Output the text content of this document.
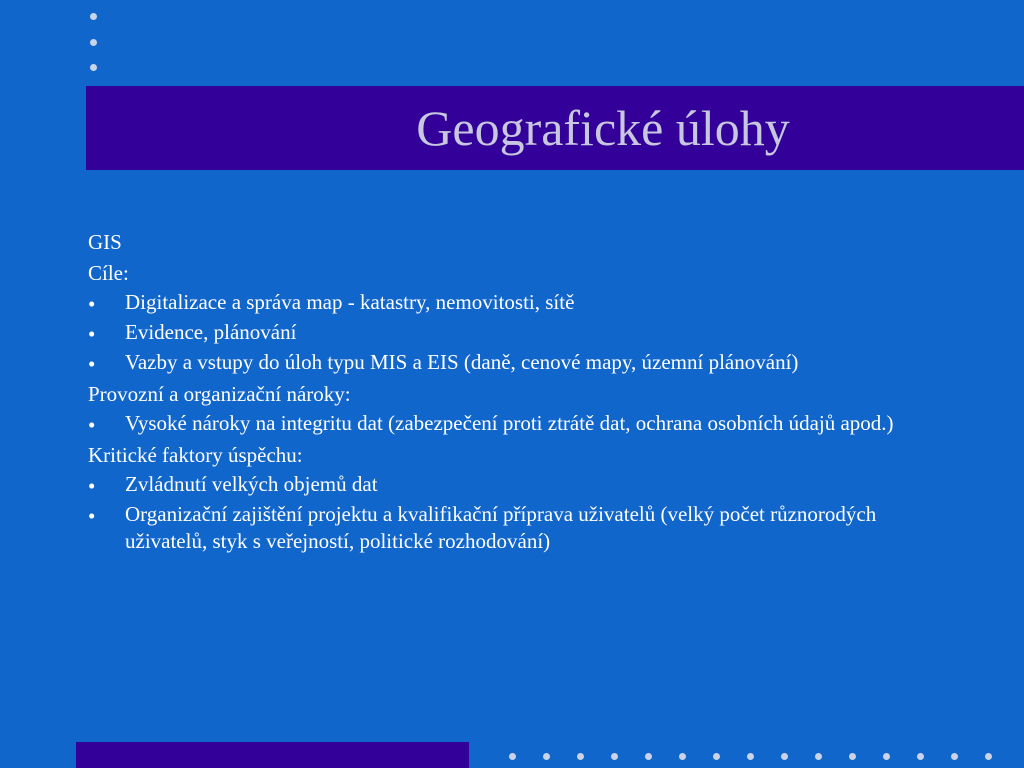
Geografické úlohy
GIS
Cíle:
•	Digitalizace a správa map - katastry, nemovitosti, sítě
•	Evidence, plánování
•	Vazby a vstupy do úloh typu MIS a EIS (daně, cenové mapy, územní plánování)
Provozní a organizační nároky:
•	Vysoké nároky na integritu dat (zabezpečení proti ztrátě dat, ochrana osobních údajů apod.)
Kritické faktory úspěchu:
•	Zvládnutí velkých objemů dat
•	Organizační zajištění projektu a kvalifikační příprava uživatelů (velký počet různorodých uživatelů, styk s veřejností, politické rozhodování)
